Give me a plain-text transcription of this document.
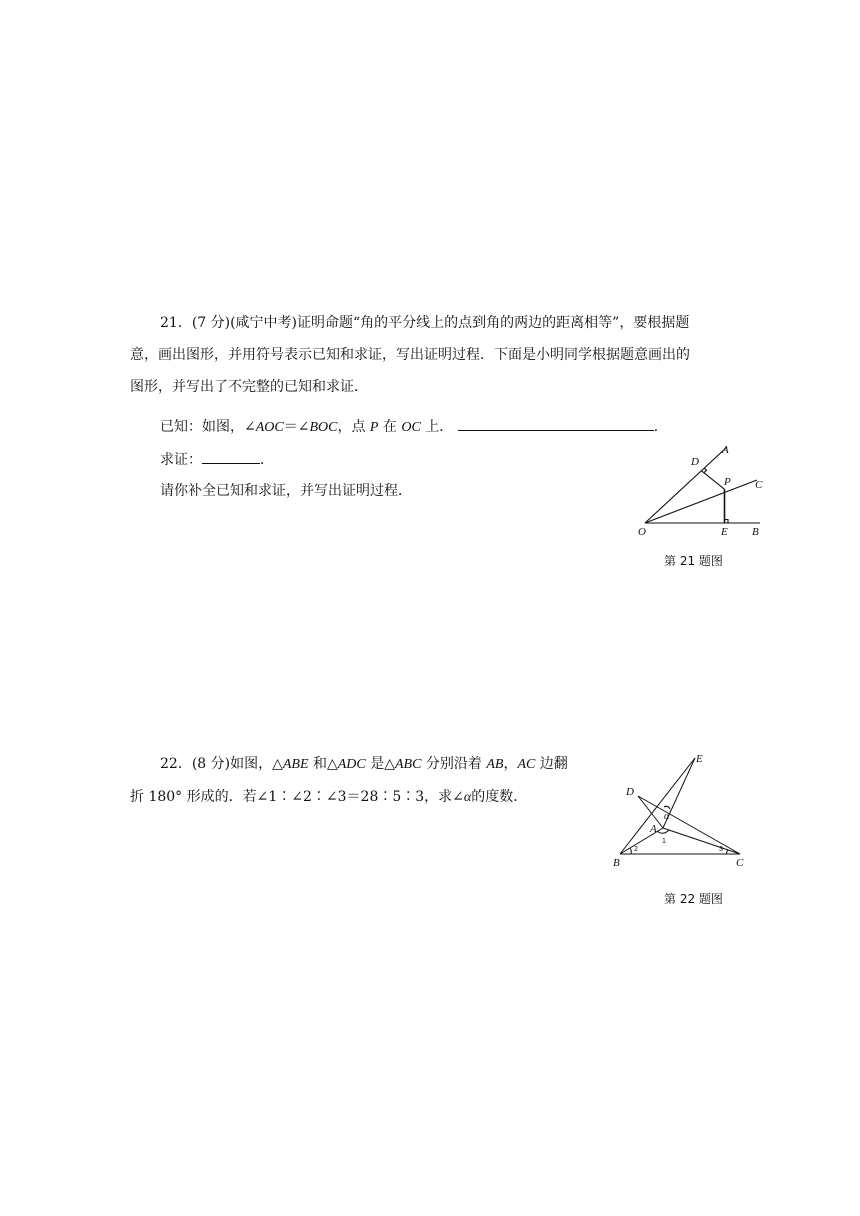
21．(7 分)(咸宁中考)证明命题“角的平分线上的点到角的两边的距离相等”，要根据题
意，画出图形，并用符号表示已知和求证，写出证明过程．下面是小明同学根据题意画出的
图形，并写出了不完整的已知和求证．
已知：如图，∠AOC＝∠BOC，点 P 在 OC 上．	．
求证：	．
请你补全已知和求证，并写出证明过程．
A
D
P C
O	E B
第 21 题图
22．(8 分)如图，△ABE 和△ADC 是△ABC 分别沿着 AB，AC 边翻
折 180° 形成的．若∠1∶∠2∶∠3＝28∶5∶3，求∠α的度数．
E
D
α
A
1
2	3
B	C
第 22 题图
